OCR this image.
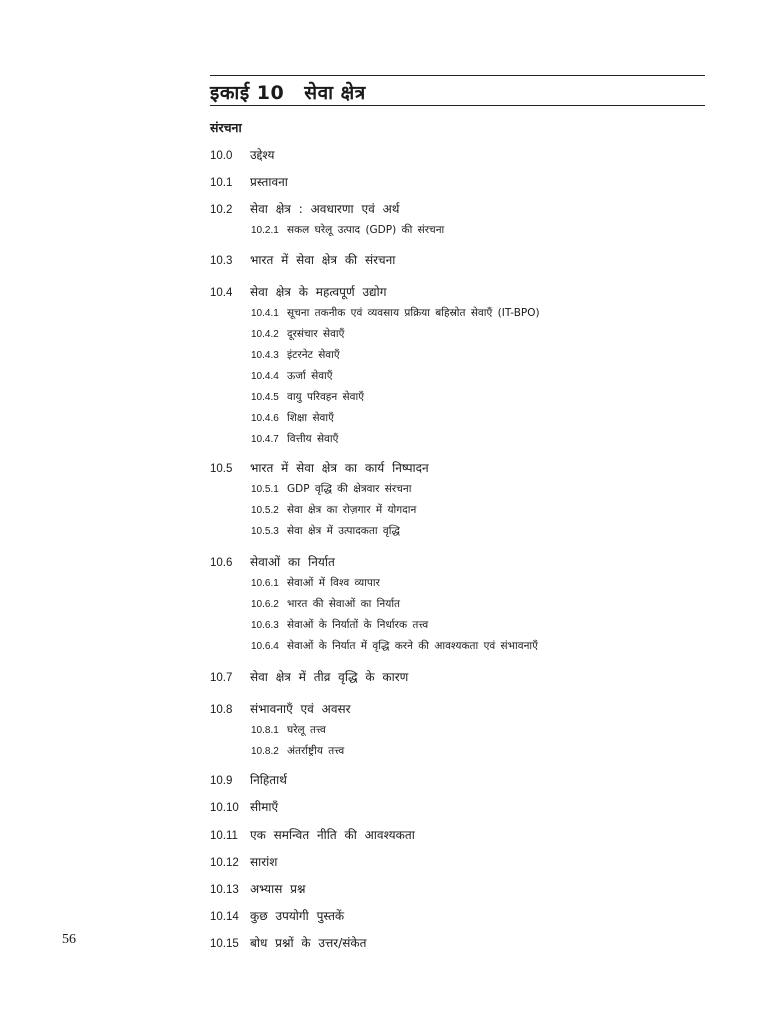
इकाई 10 सेवा क्षेत्र
संरचना
10.0 उद्देश्य
10.1 प्रस्तावना
10.2 सेवा क्षेत्र : अवधारणा एवं अर्थ
10.2.1 सकल घरेलू उत्पाद (GDP) की संरचना
10.3 भारत में सेवा क्षेत्र की संरचना
10.4 सेवा क्षेत्र के महत्वपूर्ण उद्योग
10.4.1 सूचना तकनीक एवं व्यवसाय प्रक्रिया बहिस्रोत सेवाएँ (IT-BPO)
10.4.2 दूरसंचार सेवाएँ
10.4.3 इंटरनेट सेवाएँ
10.4.4 ऊर्जा सेवाएँ
10.4.5 वायु परिवहन सेवाएँ
10.4.6 शिक्षा सेवाएँ
10.4.7 वित्तीय सेवाएँ
10.5 भारत में सेवा क्षेत्र का कार्य निष्पादन
10.5.1 GDP वृद्धि की क्षेत्रवार संरचना
10.5.2 सेवा क्षेत्र का रोज़गार में योगदान
10.5.3 सेवा क्षेत्र में उत्पादकता वृद्धि
10.6 सेवाओं का निर्यात
10.6.1 सेवाओं में विश्व व्यापार
10.6.2 भारत की सेवाओं का निर्यात
10.6.3 सेवाओं के निर्यातों के निर्धारक तत्त्व
10.6.4 सेवाओं के निर्यात में वृद्धि करने की आवश्यकता एवं संभावनाएँ
10.7 सेवा क्षेत्र में तीव्र वृद्धि के कारण
10.8 संभावनाएँ एवं अवसर
10.8.1 घरेलू तत्त्व
10.8.2 अंतर्राष्ट्रीय तत्त्व
10.9 निहितार्थ
10.10 सीमाएँ
10.11 एक समन्वित नीति की आवश्यकता
10.12 सारांश
10.13 अभ्यास प्रश्न
10.14 कुछ उपयोगी पुस्तकें
10.15 बोध प्रश्नों के उत्तर/संकेत
56
